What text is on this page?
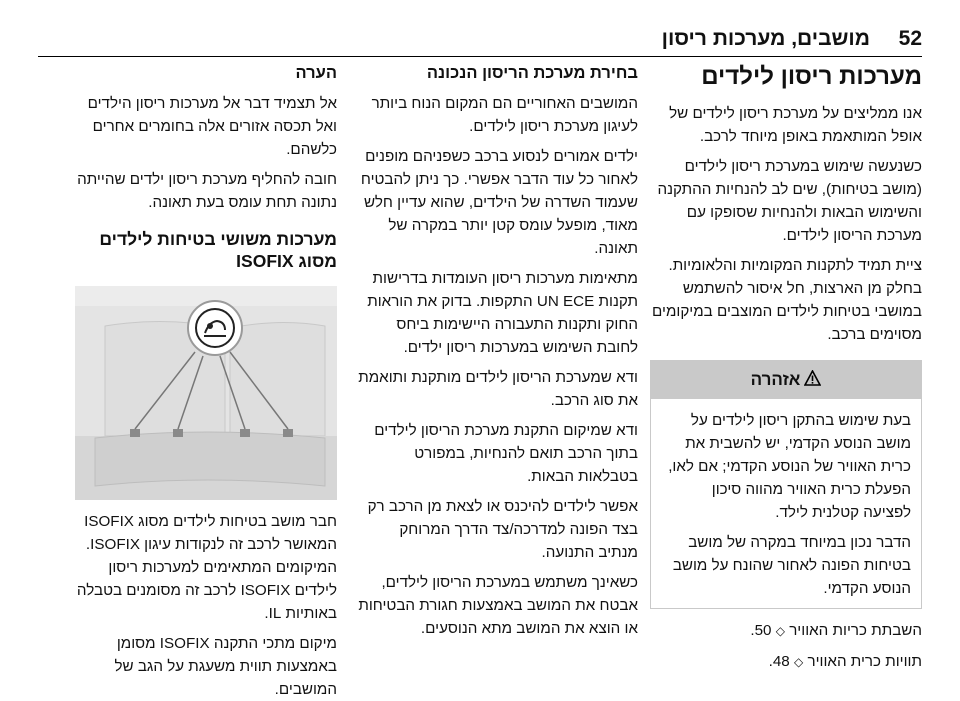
52
מושבים, מערכות ריסון
מערכות ריסון לילדים

אנו ממליצים על מערכת ריסון לילדים של אופל המותאמת באופן מיוחד לרכב.

כשנעשה שימוש במערכת ריסון לילדים (מושב בטיחות), שים לב להנחיות ההתקנה והשימוש הבאות ולהנחיות שסופקו עם מערכת הריסון לילדים.

ציית תמיד לתקנות המקומיות והלאומיות. בחלק מן הארצות, חל איסור להשתמש במושבי בטיחות לילדים המוצבים במיקומים מסוימים ברכב.

אזהרה

בעת שימוש בהתקן ריסון לילדים על מושב הנוסע הקדמי, יש להשבית את כרית האוויר של הנוסע הקדמי; אם לאו, הפעלת כרית האוויר מהווה סיכון לפציעה קטלנית לילד.

הדבר נכון במיוחד במקרה של מושב בטיחות הפונה לאחור שהונח על מושב הנוסע הקדמי.

השבתת כריות האוויר ◇ 50.

תוויות כרית האוויר ◇ 48.

בחירת מערכת הריסון הנכונה

המושבים האחוריים הם המקום הנוח ביותר לעיגון מערכת ריסון לילדים.

ילדים אמורים לנסוע ברכב כשפניהם מופנים לאחור כל עוד הדבר אפשרי. כך ניתן להבטיח שעמוד השדרה של הילדים, שהוא עדיין חלש מאוד, מופעל עומס קטן יותר במקרה של תאונה.

מתאימות מערכות ריסון העומדות בדרישות תקנות UN ECE התקפות. בדוק את הוראות החוק ותקנות התעבורה היישימות ביחס לחובת השימוש במערכות ריסון ילדים.

ודא שמערכת הריסון לילדים מותקנת ותואמת את סוג הרכב.

ודא שמיקום התקנת מערכת הריסון לילדים בתוך הרכב תואם להנחיות, במפורט בטבלאות הבאות.

אפשר לילדים להיכנס או לצאת מן הרכב רק בצד הפונה למדרכה/צד הדרך המרוחק מנתיב התנועה.

כשאינך משתמש במערכת הריסון לילדים, אבטח את המושב באמצעות חגורת הבטיחות או הוצא את המושב מתא הנוסעים.

הערה

אל תצמיד דבר אל מערכות ריסון הילדים ואל תכסה אזורים אלה בחומרים אחרים כלשהם.

חובה להחליף מערכת ריסון ילדים שהייתה נתונה תחת עומס בעת תאונה.

מערכות משושי בטיחות לילדים מסוג ISOFIX

חבר מושב בטיחות לילדים מסוג ISOFIX המאושר לרכב זה לנקודות עיגון ISOFIX. המיקומים המתאימים למערכות ריסון לילדים ISOFIX לרכב זה מסומנים בטבלה באותיות IL.

מיקום מתכי התקנה ISOFIX מסומן באמצעות תווית משעגת על הגב של המושבים.
